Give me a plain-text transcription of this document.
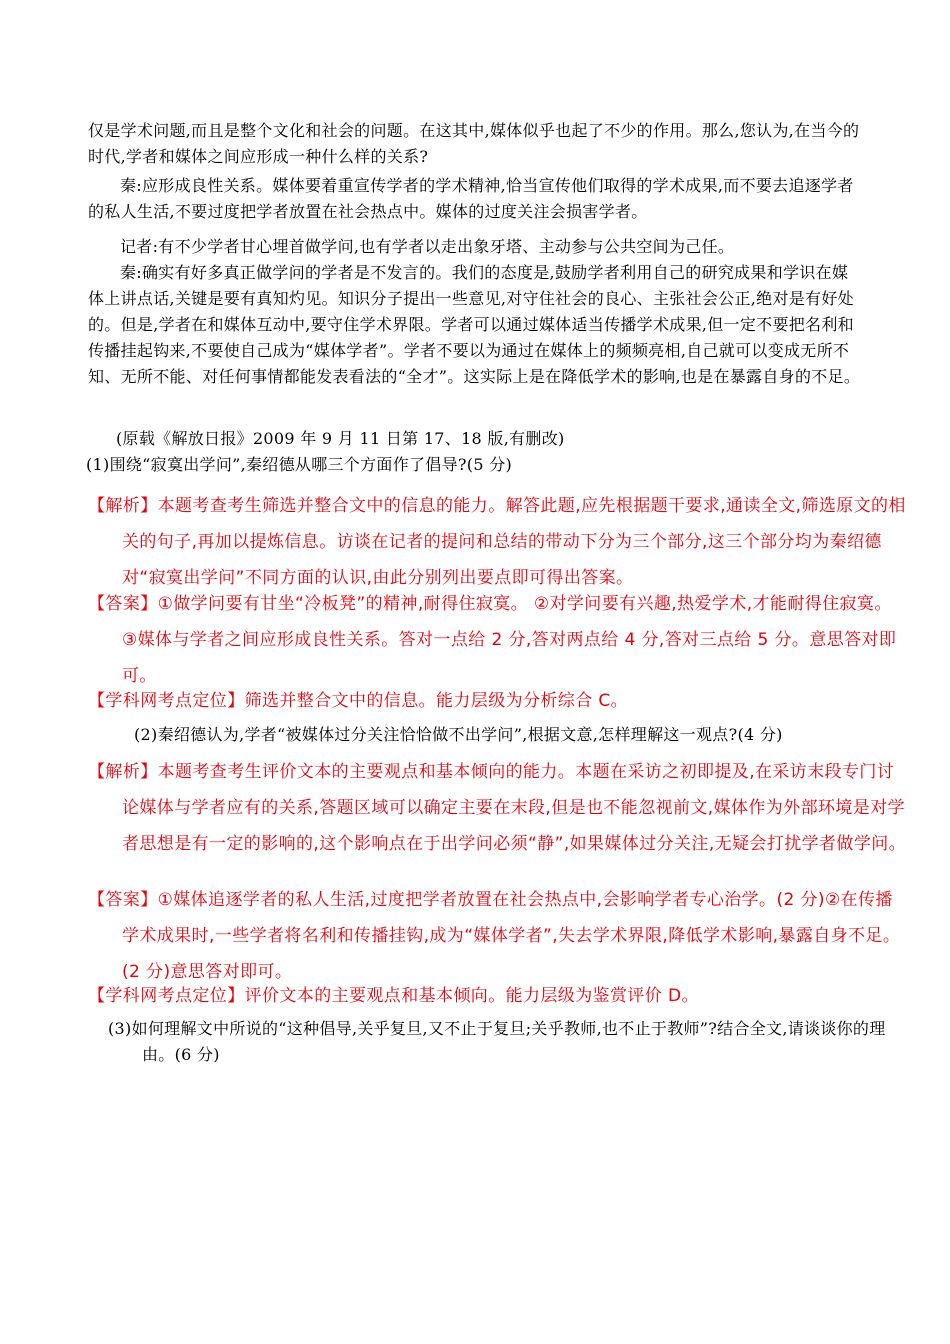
仅是学术问题,而且是整个文化和社会的问题。在这其中,媒体似乎也起了不少的作用。那么,您认为,在当今的时代,学者和媒体之间应形成一种什么样的关系?

秦:应形成良性关系。媒体要着重宣传学者的学术精神,恰当宣传他们取得的学术成果,而不要去追逐学者的私人生活,不要过度把学者放置在社会热点中。媒体的过度关注会损害学者。

记者:有不少学者甘心埋首做学问,也有学者以走出象牙塔、主动参与公共空间为己任。

秦:确实有好多真正做学问的学者是不发言的。我们的态度是,鼓励学者利用自己的研究成果和学识在媒体上讲点话,关键是要有真知灼见。知识分子提出一些意见,对守住社会的良心、主张社会公正,绝对是有好处的。但是,学者在和媒体互动中,要守住学术界限。学者可以通过媒体适当传播学术成果,但一定不要把名利和传播挂起钩来,不要使自己成为“媒体学者”。学者不要以为通过在媒体上的频频亮相,自己就可以变成无所不知、无所不能、对任何事情都能发表看法的“全才”。这实际上是在降低学术的影响,也是在暴露自身的不足。

(原载《解放日报》2009 年 9 月 11 日第 17、18 版,有删改)

(1)围绕“寂寞出学问”,秦绍德从哪三个方面作了倡导?(5 分)

【解析】本题考查考生筛选并整合文中的信息的能力。解答此题,应先根据题干要求,通读全文,筛选原文的相关的句子,再加以提炼信息。访谈在记者的提问和总结的带动下分为三个部分,这三个部分均为秦绍德对“寂寞出学问”不同方面的认识,由此分别列出要点即可得出答案。
【答案】①做学问要有甘坐“冷板凳”的精神,耐得住寂寞。 ②对学问要有兴趣,热爱学术,才能耐得住寂寞。 ③媒体与学者之间应形成良性关系。答对一点给 2 分,答对两点给 4 分,答对三点给 5 分。意思答对即可。
【学科网考点定位】筛选并整合文中的信息。能力层级为分析综合 C。

(2)秦绍德认为,学者“被媒体过分关注恰恰做不出学问”,根据文意,怎样理解这一观点?(4 分)

【解析】本题考查考生评价文本的主要观点和基本倾向的能力。本题在采访之初即提及,在采访末段专门讨论媒体与学者应有的关系,答题区域可以确定主要在末段,但是也不能忽视前文,媒体作为外部环境是对学者思想是有一定的影响的,这个影响点在于出学问必须“静”,如果媒体过分关注,无疑会打扰学者做学问。
【答案】①媒体追逐学者的私人生活,过度把学者放置在社会热点中,会影响学者专心治学。(2 分)②在传播学术成果时,一些学者将名利和传播挂钩,成为“媒体学者”,失去学术界限,降低学术影响,暴露自身不足。(2 分)意思答对即可。
【学科网考点定位】评价文本的主要观点和基本倾向。能力层级为鉴赏评价 D。

(3)如何理解文中所说的“这种倡导,关乎复旦,又不止于复旦;关乎教师,也不止于教师”?结合全文,请谈谈你的理由。(6 分)
